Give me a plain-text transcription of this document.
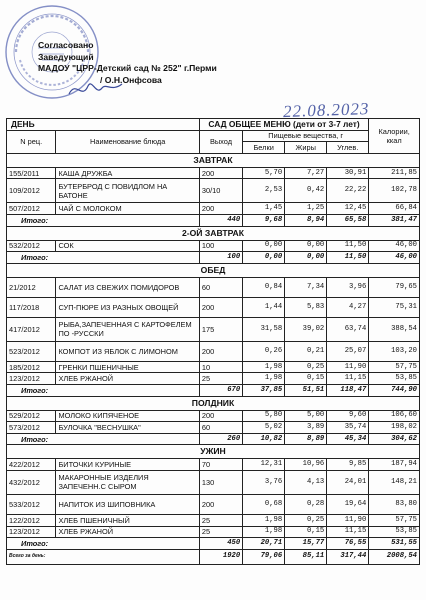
Согласовано
Заведующий
МАДОУ "ЦРР-Детский сад № 252" г.Перми
/ О.Н.Онфсова
22.08.2023
ДЕНЬ		САД ОБЩЕЕ МЕНЮ (дети от 3-7 лет)				Калории, ккал
N рец.	Наименование блюда	Выход	Пищевые вещества, г			
			Белки	Жиры	Углев.	
ЗАВТРАК						
155/2011	КАША ДРУЖБА	200	5,70	7,27	30,91	211,85
109/2012	БУТЕРБРОД С ПОВИДЛОМ НА БАТОНЕ	30/10	2,53	0,42	22,22	102,78
507/2012	ЧАЙ С МОЛОКОМ	200	1,45	1,25	12,45	66,84
Итого:		440	9,68	8,94	65,58	381,47
2-ОЙ ЗАВТРАК						
532/2012	СОК	100	0,00	0,00	11,50	46,00
Итого:		100	0,00	0,00	11,50	46,00
ОБЕД						
21/2012	САЛАТ ИЗ СВЕЖИХ ПОМИДОРОВ	60	0,84	7,34	3,96	79,65
117/2018	СУП-ПЮРЕ ИЗ РАЗНЫХ ОВОЩЕЙ	200	1,44	5,83	4,27	75,31
417/2012	РЫБА,ЗАПЕЧЕННАЯ С КАРТОФЕЛЕМ ПО -РУССКИ	175	31,58	39,02	63,74	388,54
523/2012	КОМПОТ ИЗ ЯБЛОК С ЛИМОНОМ	200	0,26	0,21	25,07	103,20
185/2012	ГРЕНКИ ПШЕНИЧНЫЕ	10	1,98	0,25	11,90	57,75
123/2012	ХЛЕБ РЖАНОЙ	25	1,98	0,15	11,15	53,85
Итого:		670	37,85	51,51	118,47	744,90
ПОЛДНИК						
529/2012	МОЛОКО КИПЯЧЕНОЕ	200	5,80	5,00	9,60	106,60
573/2012	БУЛОЧКА "ВЕСНУШКА"	60	5,02	3,89	35,74	198,02
Итого:		260	10,82	8,89	45,34	304,62
УЖИН						
422/2012	БИТОЧКИ КУРИНЫЕ	70	12,31	10,96	9,85	187,94
432/2012	МАКАРОННЫЕ ИЗДЕЛИЯ ЗАПЕЧЕНН.С СЫРОМ	130	3,76	4,13	24,01	148,21
533/2012	НАПИТОК ИЗ ШИПОВНИКА	200	0,68	0,28	19,64	83,80
122/2012	ХЛЕБ ПШЕНИЧНЫЙ	25	1,98	0,25	11,90	57,75
123/2012	ХЛЕБ РЖАНОЙ	25	1,98	0,15	11,15	53,85
Итого:		450	20,71	15,77	76,55	531,55
Всего за день:		1920	79,06	85,11	317,44	2008,54
